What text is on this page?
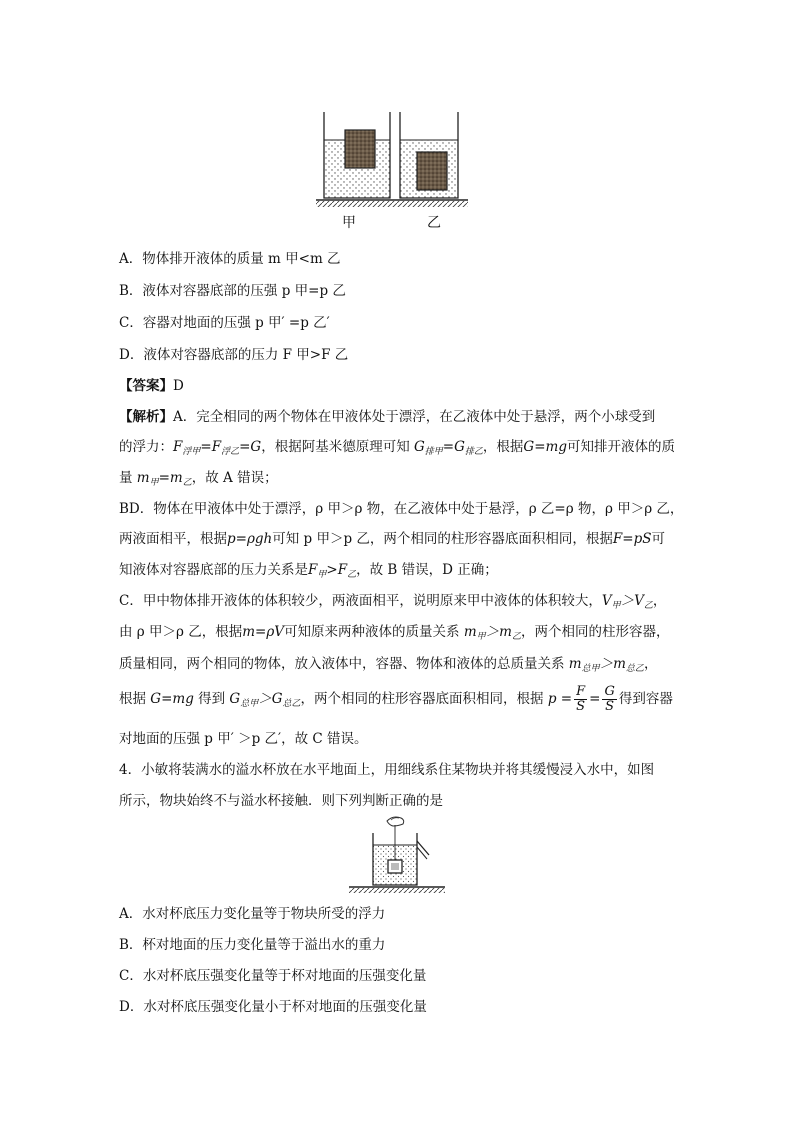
甲	乙
A．物体排开液体的质量 m 甲<m 乙
B．液体对容器底部的压强 p 甲=p 乙
C．容器对地面的压强 p 甲′ =p 乙′
D．液体对容器底部的压力 F 甲>F 乙
【答案】D
【解析】A．完全相同的两个物体在甲液体处于漂浮，在乙液体中处于悬浮，两个小球受到
的浮力：$F_{浮甲}=F_{浮乙}=G$，根据阿基米德原理可知 $G_{排甲}=G_{排乙}$，根据G=mg可知排开液体的质
量 $m_甲=m_乙$，故 A 错误；
BD．物体在甲液体中处于漂浮，ρ 甲＞ρ 物，在乙液体中处于悬浮，ρ 乙=ρ 物，ρ 甲＞ρ 乙，
两液面相平，根据p=ρgh可知 p 甲＞p 乙，两个相同的柱形容器底面积相同，根据F=pS可
知液体对容器底部的压力关系是$F_甲>F_乙$，故 B 错误，D 正确；
C．甲中物体排开液体的体积较少，两液面相平，说明原来甲中液体的体积较大，$V_甲>V_乙$，
由 ρ 甲＞ρ 乙，根据m=ρV可知原来两种液体的质量关系 $m_甲>m_乙$，两个相同的柱形容器，
质量相同，两个相同的物体，放入液体中，容器、物体和液体的总质量关系 $m_{总甲}>m_{总乙}$，
根据 G=mg 得到 $G_{总甲}>G_{总乙}$，两个相同的柱形容器底面积相同，根据 $p = \frac{F}{S} = \frac{G}{S}$ 得到容器
对地面的压强 p 甲′ ＞p 乙′，故 C 错误。
4．小敏将装满水的溢水杯放在水平地面上，用细线系住某物块并将其缓慢浸入水中，如图
所示，物块始终不与溢水杯接触．则下列判断正确的是
A．水对杯底压力变化量等于物块所受的浮力
B．杯对地面的压力变化量等于溢出水的重力
C．水对杯底压强变化量等于杯对地面的压强变化量
D．水对杯底压强变化量小于杯对地面的压强变化量
